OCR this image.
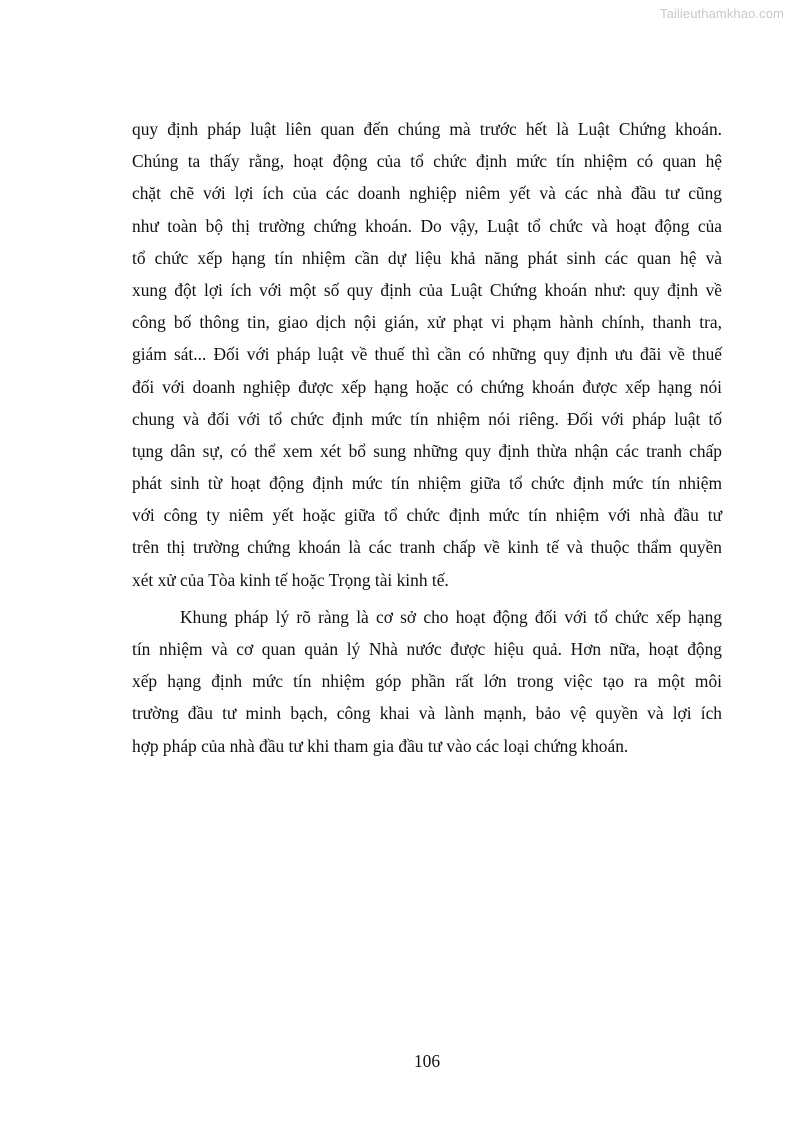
Tailieuthamkhao.com
quy định pháp luật liên quan đến chúng mà trước hết là Luật Chứng khoán.
Chúng ta thấy rằng, hoạt động của tổ chức định mức tín nhiệm có quan hệ
chặt chẽ với lợi ích của các doanh nghiệp niêm yết và các nhà đầu tư cũng
như toàn bộ thị trường chứng khoán. Do vậy, Luật tổ chức và hoạt động của
tổ chức xếp hạng tín nhiệm cần dự liệu khả năng phát sinh các quan hệ và
xung đột lợi ích với một số quy định của Luật Chứng khoán như: quy định về
công bố thông tin, giao dịch nội gián, xử phạt vi phạm hành chính, thanh tra,
giám sát... Đối với pháp luật về thuế thì cần có những quy định ưu đãi về thuế
đối với doanh nghiệp được xếp hạng hoặc có chứng khoán được xếp hạng nói
chung và đối với tổ chức định mức tín nhiệm nói riêng. Đối với pháp luật tố
tụng dân sự, có thể xem xét bổ sung những quy định thừa nhận các tranh chấp
phát sinh từ hoạt động định mức tín nhiệm giữa tổ chức định mức tín nhiệm
với công ty niêm yết hoặc giữa tổ chức định mức tín nhiệm với nhà đầu tư
trên thị trường chứng khoán là các tranh chấp về kinh tế và thuộc thẩm quyền
xét xử của Tòa kinh tế hoặc Trọng tài kinh tế.
Khung pháp lý rõ ràng là cơ sở cho hoạt động đối với tổ chức xếp hạng
tín nhiệm và cơ quan quản lý Nhà nước được hiệu quả. Hơn nữa, hoạt động
xếp hạng định mức tín nhiệm góp phần rất lớn trong việc tạo ra một môi
trường đầu tư minh bạch, công khai và lành mạnh, bảo vệ quyền và lợi ích
hợp pháp của nhà đầu tư khi tham gia đầu tư vào các loại chứng khoán.
106
